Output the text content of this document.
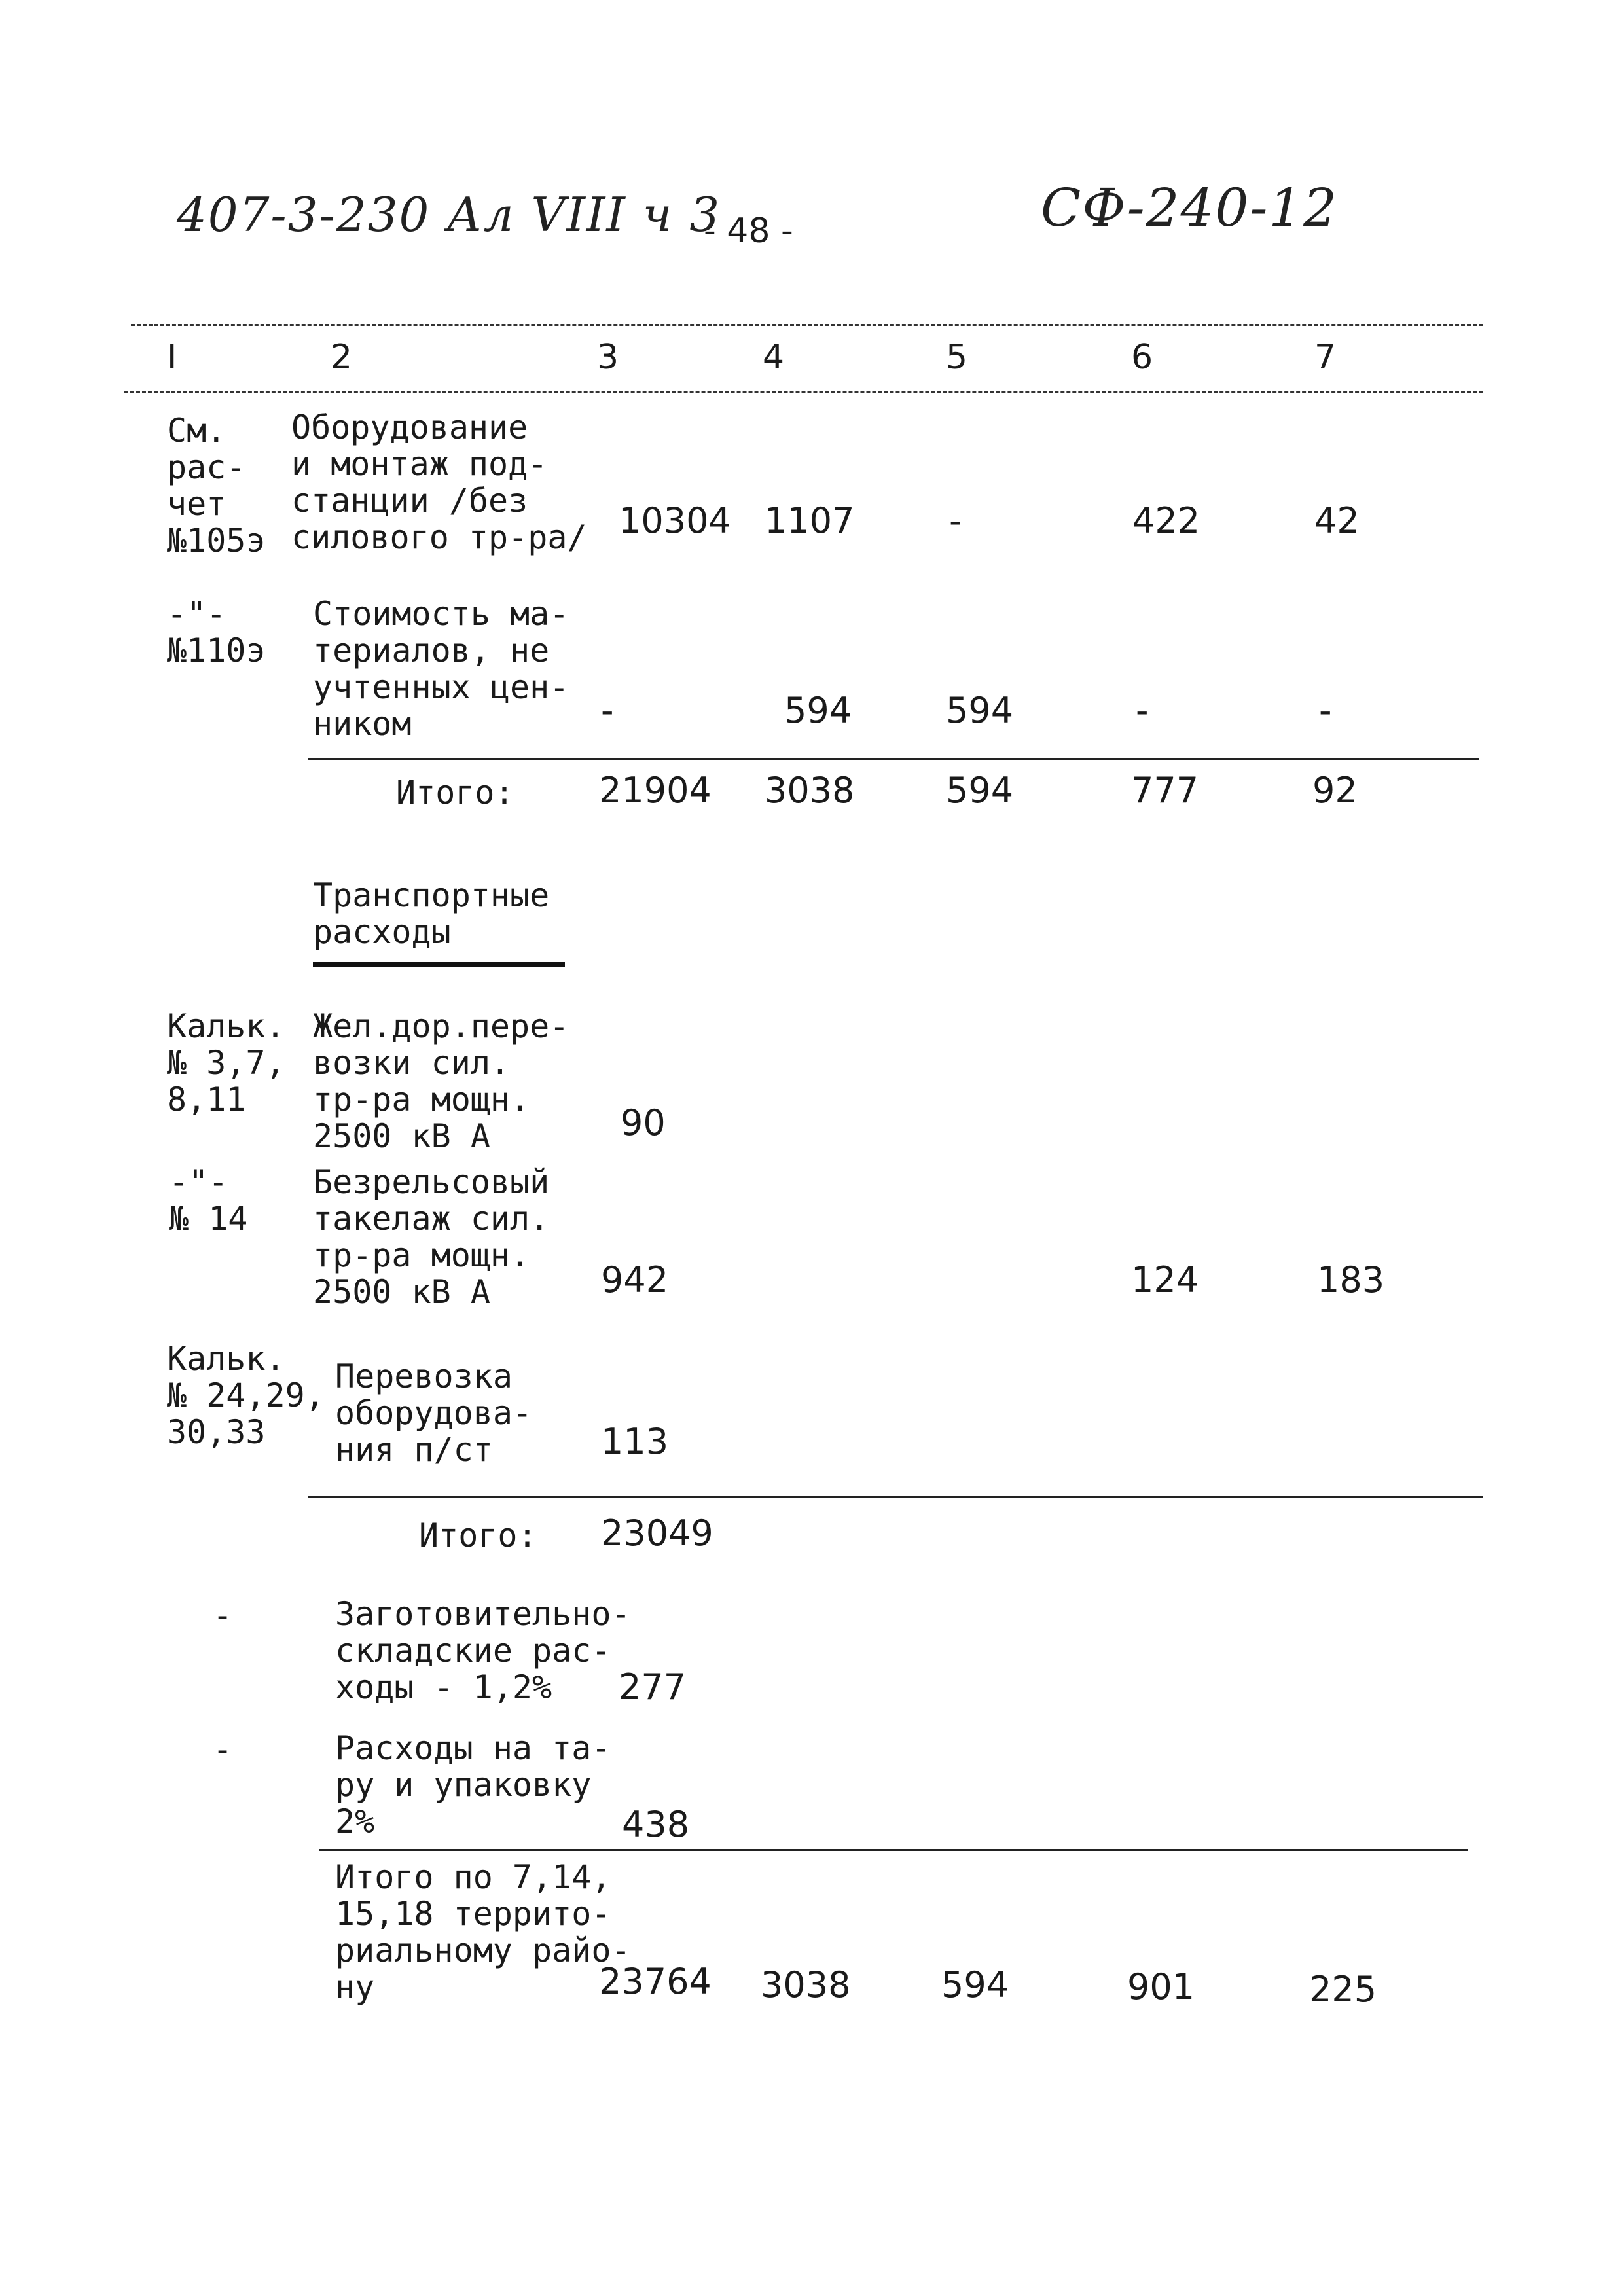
407-3-230 Ал VIII ч 3
- 48 -	СФ-240-12
I	2	3	4	5	6	7
См.
рас-
чет
№105э
Оборудование
и монтаж под-
станции /без
силового тр-ра/ 10304 1107	-	422	42
-"-
№110э
Стоимость ма-
териалов, не
учтенных цен-
ником	-	594	594	-	-
Итого: 21904 3038	594	777	92
Транспортные
расходы
Кальк.
№ 3,7,
8,11
Жел.дор.пере-
возки сил.
тр-ра мощн.
2500 кВ А	90
-"-
№ 14
Безрельсовый
такелаж сил.
тр-ра мощн.
2500 кВ А	942	124	183
Кальк.
№ 24,29,
30,33
Перевозка
оборудова-
ния п/ст	113
Итого: 23049
-	Заготовительно-
складские рас-
ходы - 1,2%	277
-	Расходы на та-
ру и упаковку
2%	438
Итого по 7,14,
15,18 террито-
риальному райо-
ну	23764 3038	594	901	225
